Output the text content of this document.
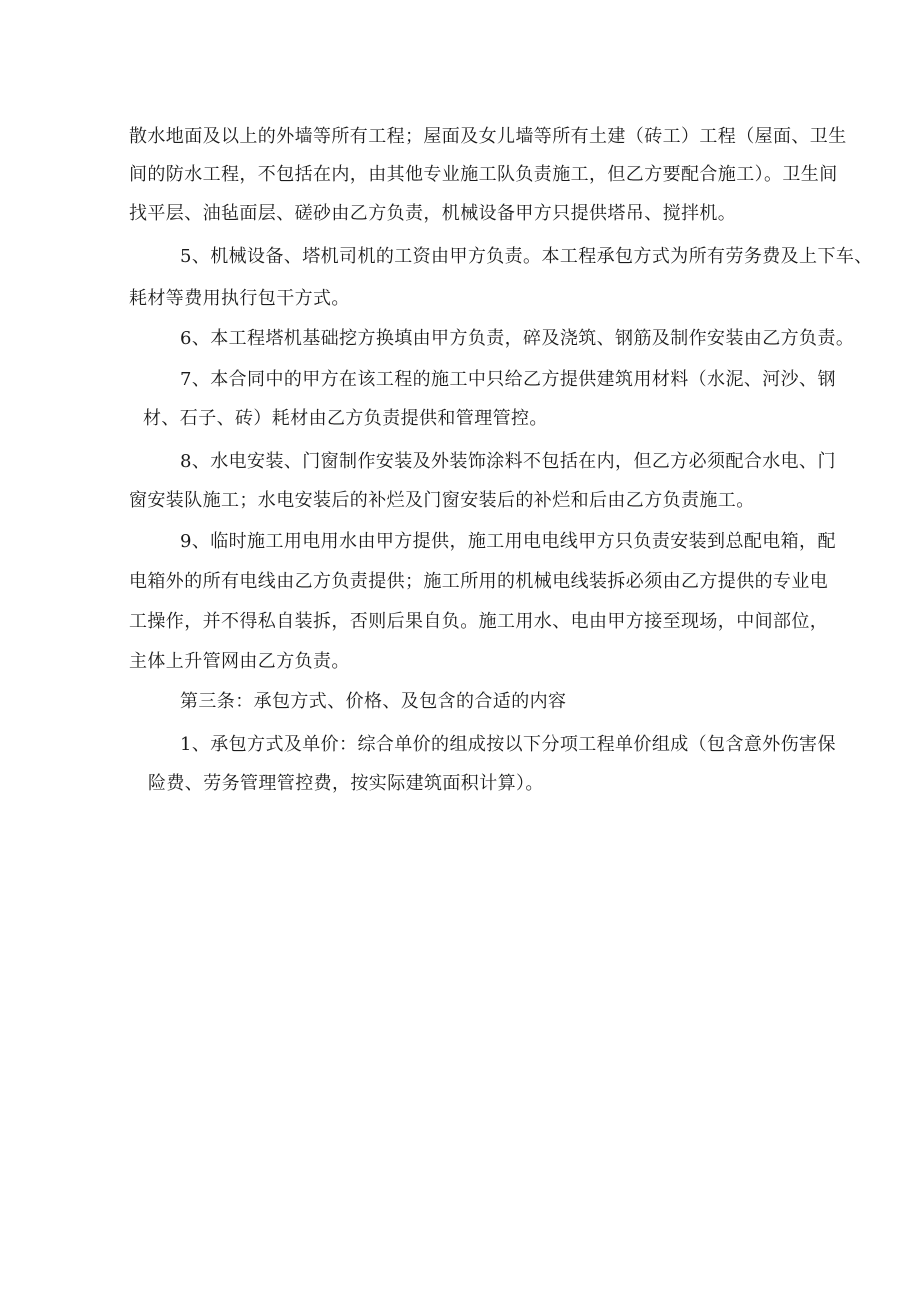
散水地面及以上的外墙等所有工程；屋面及女儿墙等所有土建（砖工）工程（屋面、卫生
间的防水工程，不包括在内，由其他专业施工队负责施工，但乙方要配合施工）。卫生间
找平层、油毡面层、磋砂由乙方负责，机械设备甲方只提供塔吊、搅拌机。
5、机械设备、塔机司机的工资由甲方负责。本工程承包方式为所有劳务费及上下车、
耗材等费用执行包干方式。
6、本工程塔机基础挖方换填由甲方负责，碎及浇筑、钢筋及制作安装由乙方负责。
7、本合同中的甲方在该工程的施工中只给乙方提供建筑用材料（水泥、河沙、钢
材、石子、砖）耗材由乙方负责提供和管理管控。
8、水电安装、门窗制作安装及外装饰涂料不包括在内，但乙方必须配合水电、门
窗安装队施工；水电安装后的补烂及门窗安装后的补烂和后由乙方负责施工。
9、临时施工用电用水由甲方提供，施工用电电线甲方只负责安装到总配电箱，配
电箱外的所有电线由乙方负责提供；施工所用的机械电线装拆必须由乙方提供的专业电
工操作，并不得私自装拆，否则后果自负。施工用水、电由甲方接至现场，中间部位，
主体上升管网由乙方负责。
第三条：承包方式、价格、及包含的合适的内容
1、承包方式及单价：综合单价的组成按以下分项工程单价组成（包含意外伤害保
险费、劳务管理管控费，按实际建筑面积计算）。
